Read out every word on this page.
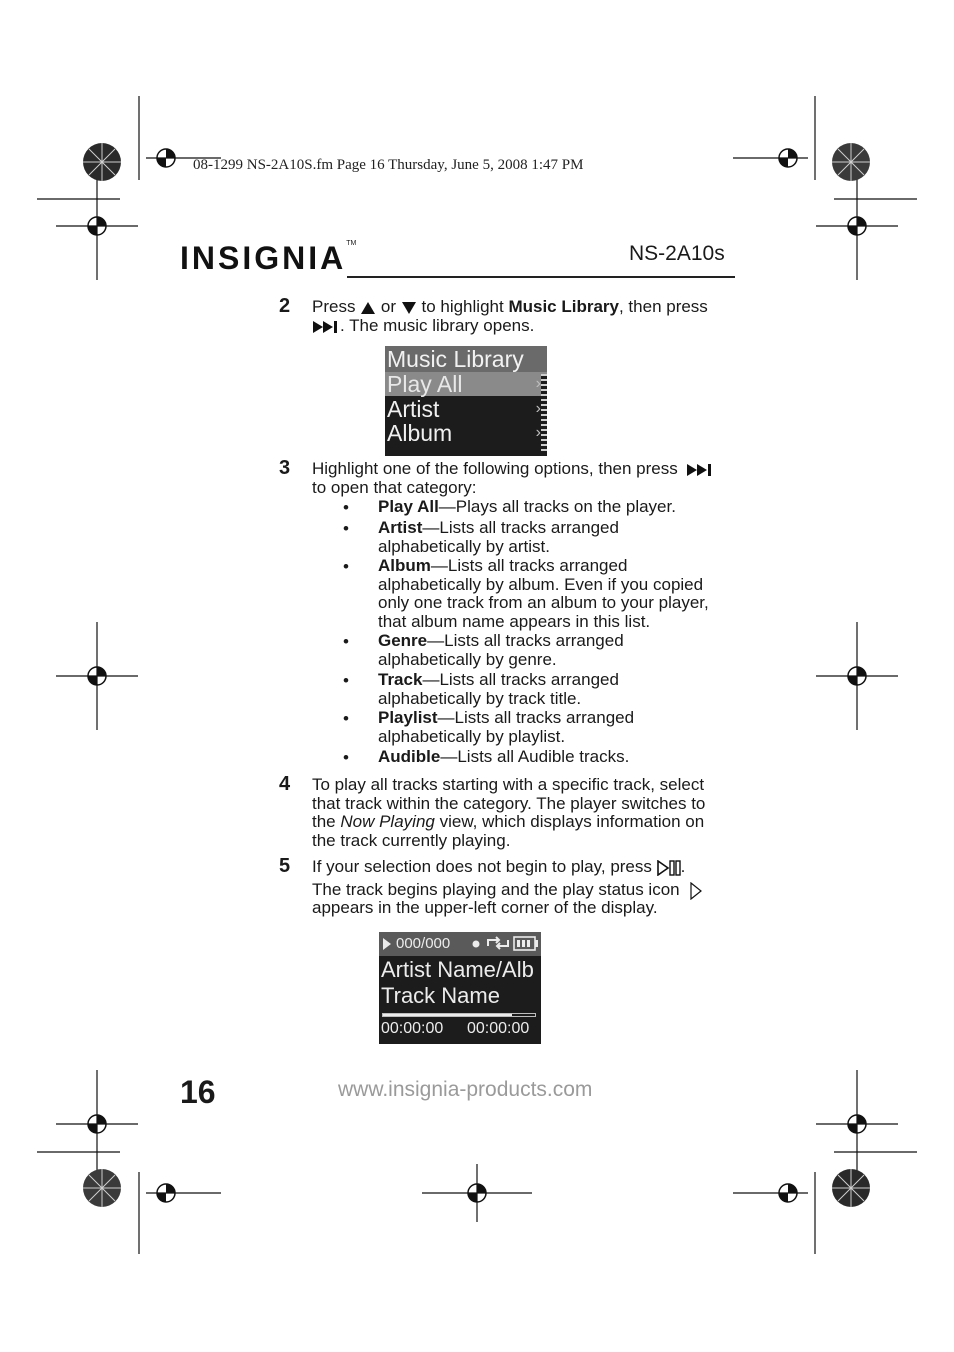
08-1299 NS-2A10S.fm Page 16 Thursday, June 5, 2008 1:47 PM
INSIGNIA™	NS-2A10s
2 Press  or  to highlight Music Library, then press
. The music library opens.
Music Library
Play All	›
Artist	›
Album	›
3 Highlight one of the following options, then press
to open that category:
• Play All—Plays all tracks on the player.
• Artist—Lists all tracks arranged
alphabetically by artist.
• Album—Lists all tracks arranged
alphabetically by album. Even if you copied
only one track from an album to your player,
that album name appears in this list.
• Genre—Lists all tracks arranged
alphabetically by genre.
• Track—Lists all tracks arranged
alphabetically by track title.
• Playlist—Lists all tracks arranged
alphabetically by playlist.
• Audible—Lists all Audible tracks.
4 To play all tracks starting with a specific track, select
that track within the category. The player switches to
the Now Playing view, which displays information on
the track currently playing.
5 If your selection does not begin to play, press .
The track begins playing and the play status icon
appears in the upper-left corner of the display.
000/000
Artist Name/Alb
Track Name
00:00:00 00:00:00
16	www.insignia-products.com
